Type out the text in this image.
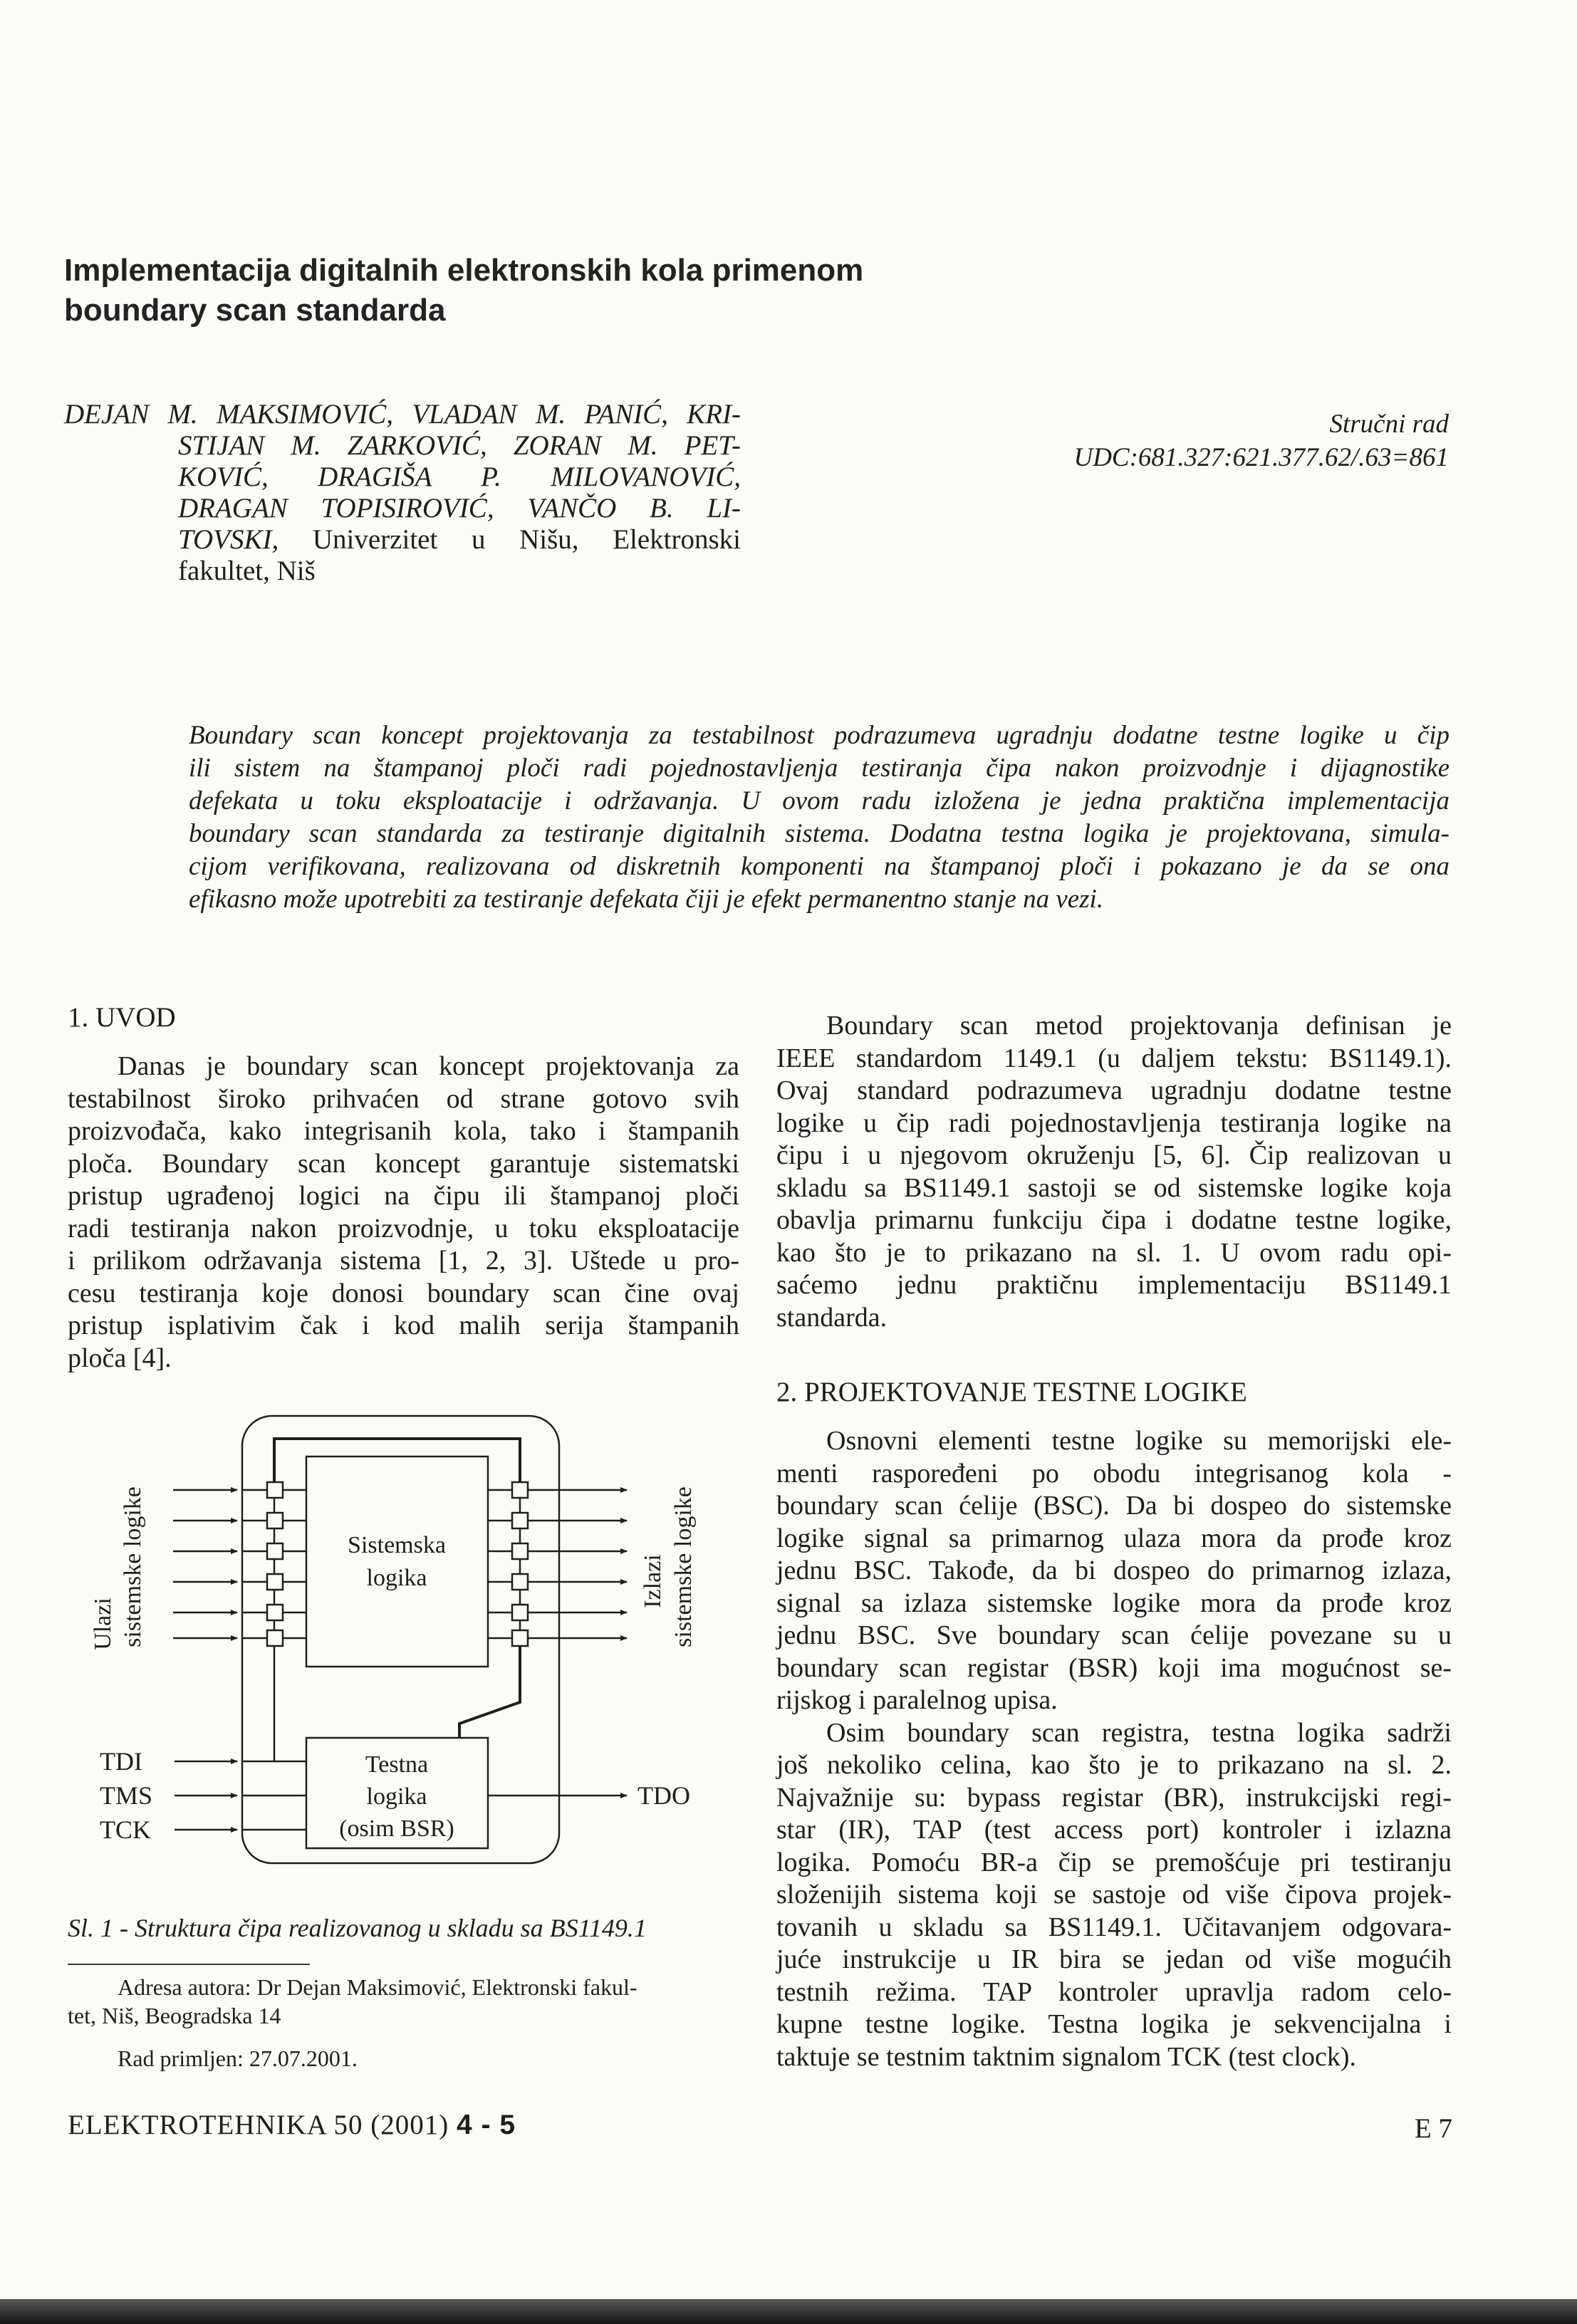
Implementacija digitalnih elektronskih kola primenom
boundary scan standarda
DEJAN M. MAKSIMOVIĆ, VLADAN M. PANIĆ, KRI-
STIJAN M. ZARKOVIĆ, ZORAN M. PET-
KOVIĆ, DRAGIŠA P. MILOVANOVIĆ,
DRAGAN TOPISIROVIĆ, VANČO B. LI-
TOVSKI, Univerzitet u Nišu, Elektronski
fakultet, Niš
Stručni rad
UDC:681.327:621.377.62/.63=861
Boundary scan koncept projektovanja za testabilnost podrazumeva ugradnju dodatne testne logike u čip
ili sistem na štampanoj ploči radi pojednostavljenja testiranja čipa nakon proizvodnje i dijagnostike
defekata u toku eksploatacije i održavanja. U ovom radu izložena je jedna praktična implementacija
boundary scan standarda za testiranje digitalnih sistema. Dodatna testna logika je projektovana, simula-
cijom verifikovana, realizovana od diskretnih komponenti na štampanoj ploči i pokazano je da se ona
efikasno može upotrebiti za testiranje defekata čiji je efekt permanentno stanje na vezi.
1. UVOD
Danas je boundary scan koncept projektovanja za
testabilnost široko prihvaćen od strane gotovo svih
proizvođača, kako integrisanih kola, tako i štampanih
ploča. Boundary scan koncept garantuje sistematski
pristup ugrađenoj logici na čipu ili štampanoj ploči
radi testiranja nakon proizvodnje, u toku eksploatacije
i prilikom održavanja sistema [1, 2, 3]. Uštede u pro-
cesu testiranja koje donosi boundary scan čine ovaj
pristup isplativim čak i kod malih serija štampanih
ploča [4].
Sistemska
logika
Testna
logika
(osim BSR)
Ulazi sistemske logike	Izlazi sistemske logike
TDI
TMS
TCK
TDO
Sl. 1 - Struktura čipa realizovanog u skladu sa BS1149.1
Adresa autora: Dr Dejan Maksimović, Elektronski fakul-
tet, Niš, Beogradska 14
Rad primljen: 27.07.2001.
ELEKTROTEHNIKA 50 (2001) 4 - 5	E 7
Boundary scan metod projektovanja definisan je
IEEE standardom 1149.1 (u daljem tekstu: BS1149.1).
Ovaj standard podrazumeva ugradnju dodatne testne
logike u čip radi pojednostavljenja testiranja logike na
čipu i u njegovom okruženju [5, 6]. Čip realizovan u
skladu sa BS1149.1 sastoji se od sistemske logike koja
obavlja primarnu funkciju čipa i dodatne testne logike,
kao što je to prikazano na sl. 1. U ovom radu opi-
saćemo jednu praktičnu implementaciju BS1149.1
standarda.
2. PROJEKTOVANJE TESTNE LOGIKE
Osnovni elementi testne logike su memorijski ele-
menti raspoređeni po obodu integrisanog kola -
boundary scan ćelije (BSC). Da bi dospeo do sistemske
logike signal sa primarnog ulaza mora da prođe kroz
jednu BSC. Takođe, da bi dospeo do primarnog izlaza,
signal sa izlaza sistemske logike mora da prođe kroz
jednu BSC. Sve boundary scan ćelije povezane su u
boundary scan registar (BSR) koji ima mogućnost se-
rijskog i paralelnog upisa.
Osim boundary scan registra, testna logika sadrži
još nekoliko celina, kao što je to prikazano na sl. 2.
Najvažnije su: bypass registar (BR), instrukcijski regi-
star (IR), TAP (test access port) kontroler i izlazna
logika. Pomoću BR-a čip se premošćuje pri testiranju
složenijih sistema koji se sastoje od više čipova projek-
tovanih u skladu sa BS1149.1. Učitavanjem odgovara-
juće instrukcije u IR bira se jedan od više mogućih
testnih režima. TAP kontroler upravlja radom celo-
kupne testne logike. Testna logika je sekvencijalna i
taktuje se testnim taktnim signalom TCK (test clock).
